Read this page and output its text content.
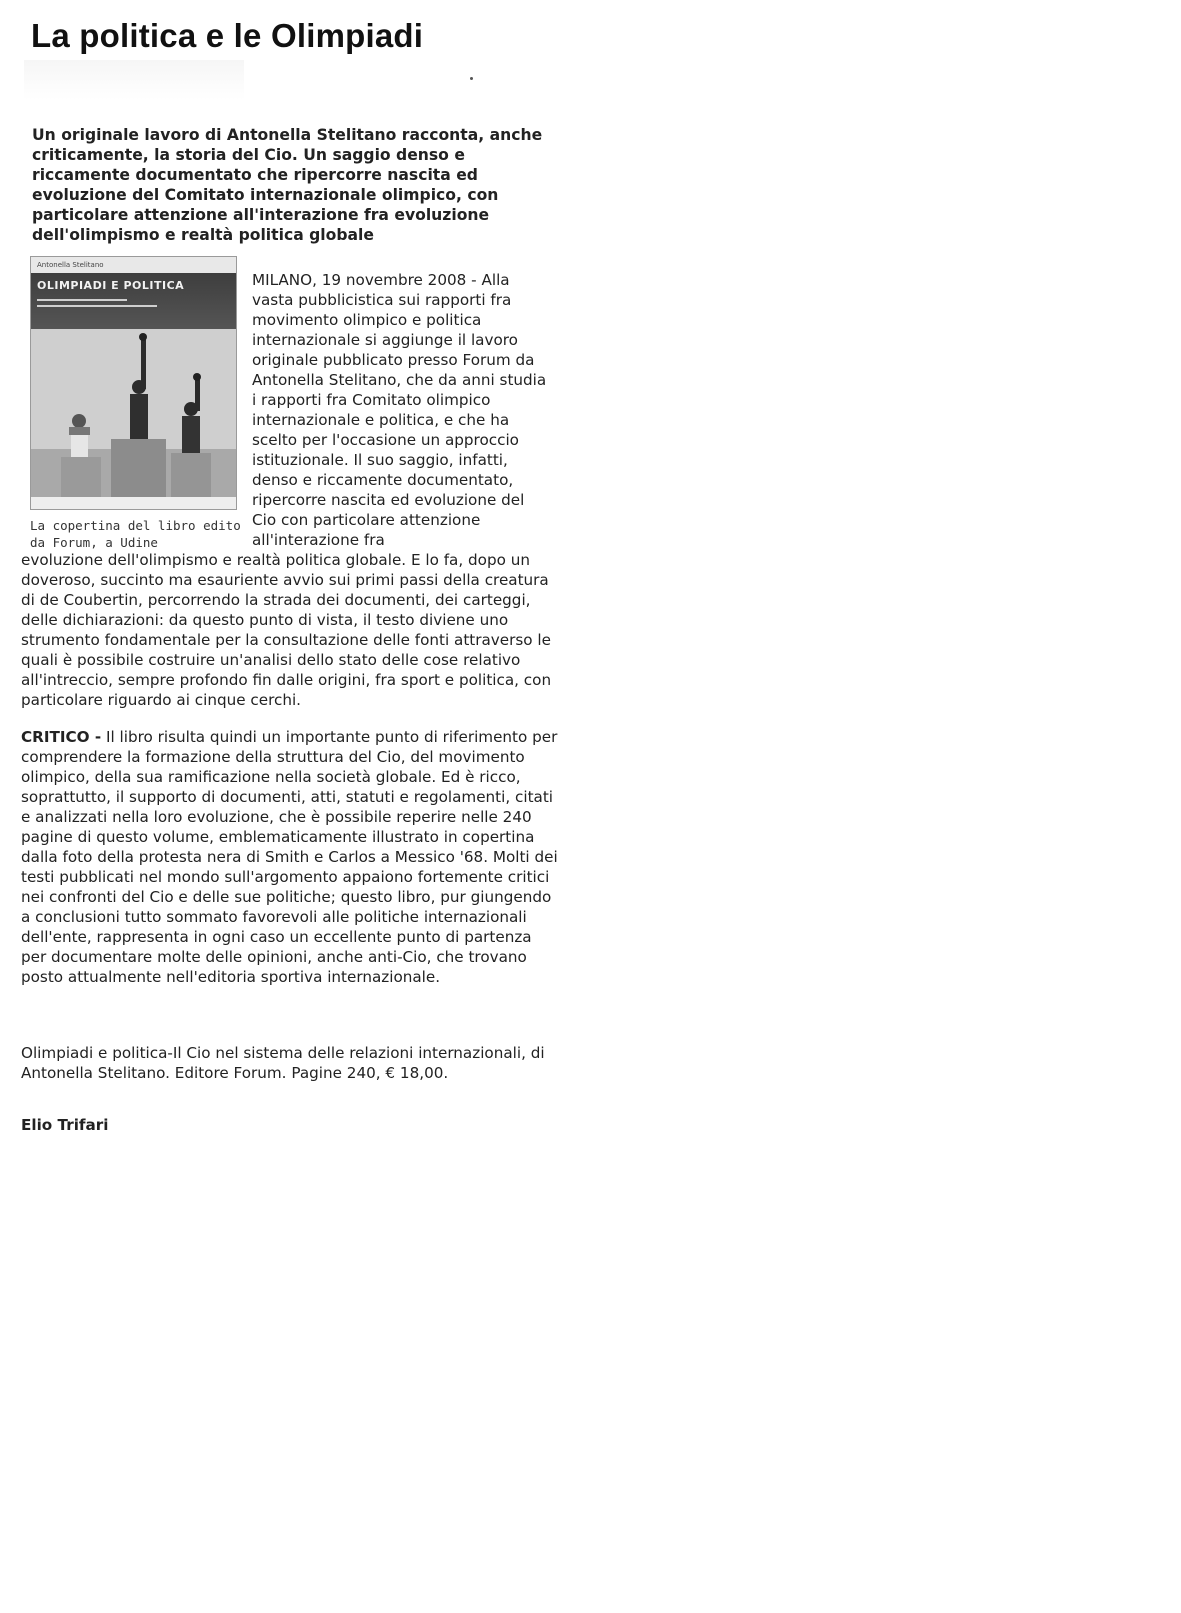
La politica e le Olimpiadi

Un originale lavoro di Antonella Stelitano racconta, anche criticamente, la storia del Cio. Un saggio denso e riccamente documentato che ripercorre nascita ed evoluzione del Comitato internazionale olimpico, con particolare attenzione all'interazione fra evoluzione dell'olimpismo e realtà politica globale

Antonella Stelitano
OLIMPIADI E POLITICA

La copertina del libro edito da Forum, a Udine

MILANO, 19 novembre 2008 - Alla vasta pubblicistica sui rapporti fra movimento olimpico e politica internazionale si aggiunge il lavoro originale pubblicato presso Forum da Antonella Stelitano, che da anni studia i rapporti fra Comitato olimpico internazionale e politica, e che ha scelto per l'occasione un approccio istituzionale. Il suo saggio, infatti, denso e riccamente documentato, ripercorre nascita ed evoluzione del Cio con particolare attenzione all'interazione fra

evoluzione dell'olimpismo e realtà politica globale. E lo fa, dopo un doveroso, succinto ma esauriente avvio sui primi passi della creatura di de Coubertin, percorrendo la strada dei documenti, dei carteggi, delle dichiarazioni: da questo punto di vista, il testo diviene uno strumento fondamentale per la consultazione delle fonti attraverso le quali è possibile costruire un'analisi dello stato delle cose relativo all'intreccio, sempre profondo fin dalle origini, fra sport e politica, con particolare riguardo ai cinque cerchi.

CRITICO - Il libro risulta quindi un importante punto di riferimento per comprendere la formazione della struttura del Cio, del movimento olimpico, della sua ramificazione nella società globale. Ed è ricco, soprattutto, il supporto di documenti, atti, statuti e regolamenti, citati e analizzati nella loro evoluzione, che è possibile reperire nelle 240 pagine di questo volume, emblematicamente illustrato in copertina dalla foto della protesta nera di Smith e Carlos a Messico '68. Molti dei testi pubblicati nel mondo sull'argomento appaiono fortemente critici nei confronti del Cio e delle sue politiche; questo libro, pur giungendo a conclusioni tutto sommato favorevoli alle politiche internazionali dell'ente, rappresenta in ogni caso un eccellente punto di partenza per documentare molte delle opinioni, anche anti-Cio, che trovano posto attualmente nell'editoria sportiva internazionale.

Olimpiadi e politica-Il Cio nel sistema delle relazioni internazionali, di Antonella Stelitano. Editore Forum. Pagine 240, € 18,00.

Elio Trifari
